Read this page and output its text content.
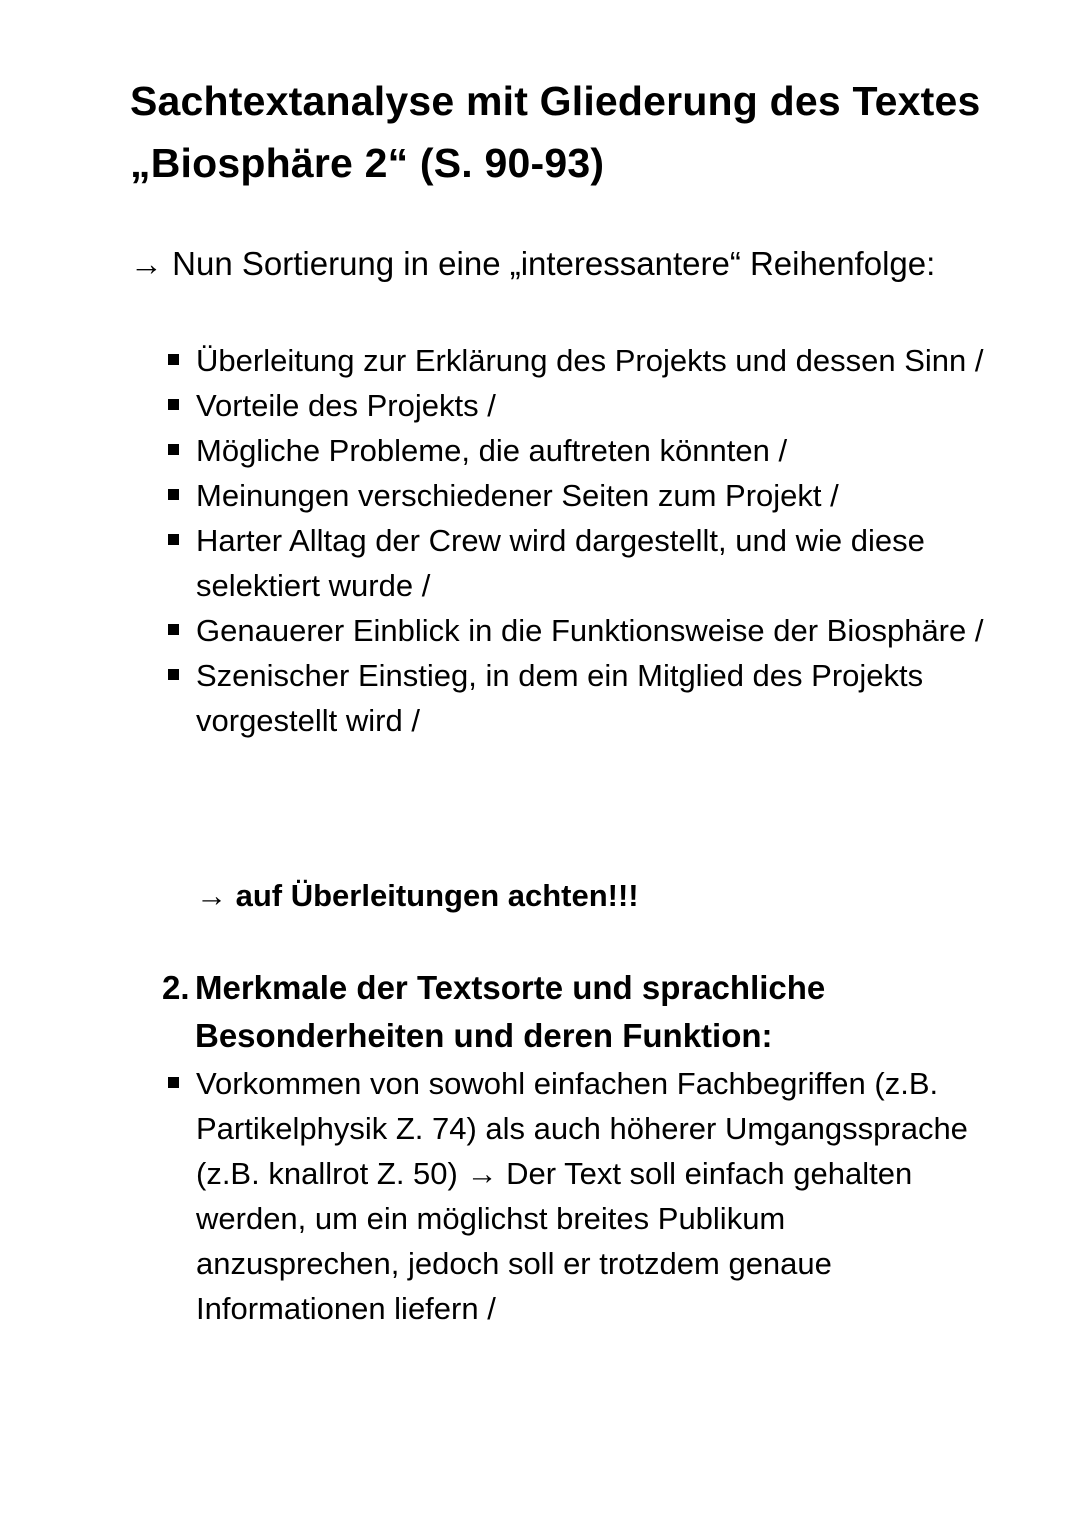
Sachtextanalyse mit Gliederung des Textes „Biosphäre 2“ (S. 90-93)

→ Nun Sortierung in eine „interessantere“ Reihenfolge:

Überleitung zur Erklärung des Projekts und dessen Sinn /
Vorteile des Projekts /
Mögliche Probleme, die auftreten könnten /
Meinungen verschiedener Seiten zum Projekt /
Harter Alltag der Crew wird dargestellt, und wie diese selektiert wurde /
Genauerer Einblick in die Funktionsweise der Biosphäre /
Szenischer Einstieg, in dem ein Mitglied des Projekts vorgestellt wird /

→ auf Überleitungen achten!!!

2. Merkmale der Textsorte und sprachliche Besonderheiten und deren Funktion:
Vorkommen von sowohl einfachen Fachbegriffen (z.B. Partikelphysik Z. 74) als auch höherer Umgangssprache (z.B. knallrot Z. 50) → Der Text soll einfach gehalten werden, um ein möglichst breites Publikum anzusprechen, jedoch soll er trotzdem genaue Informationen liefern /
